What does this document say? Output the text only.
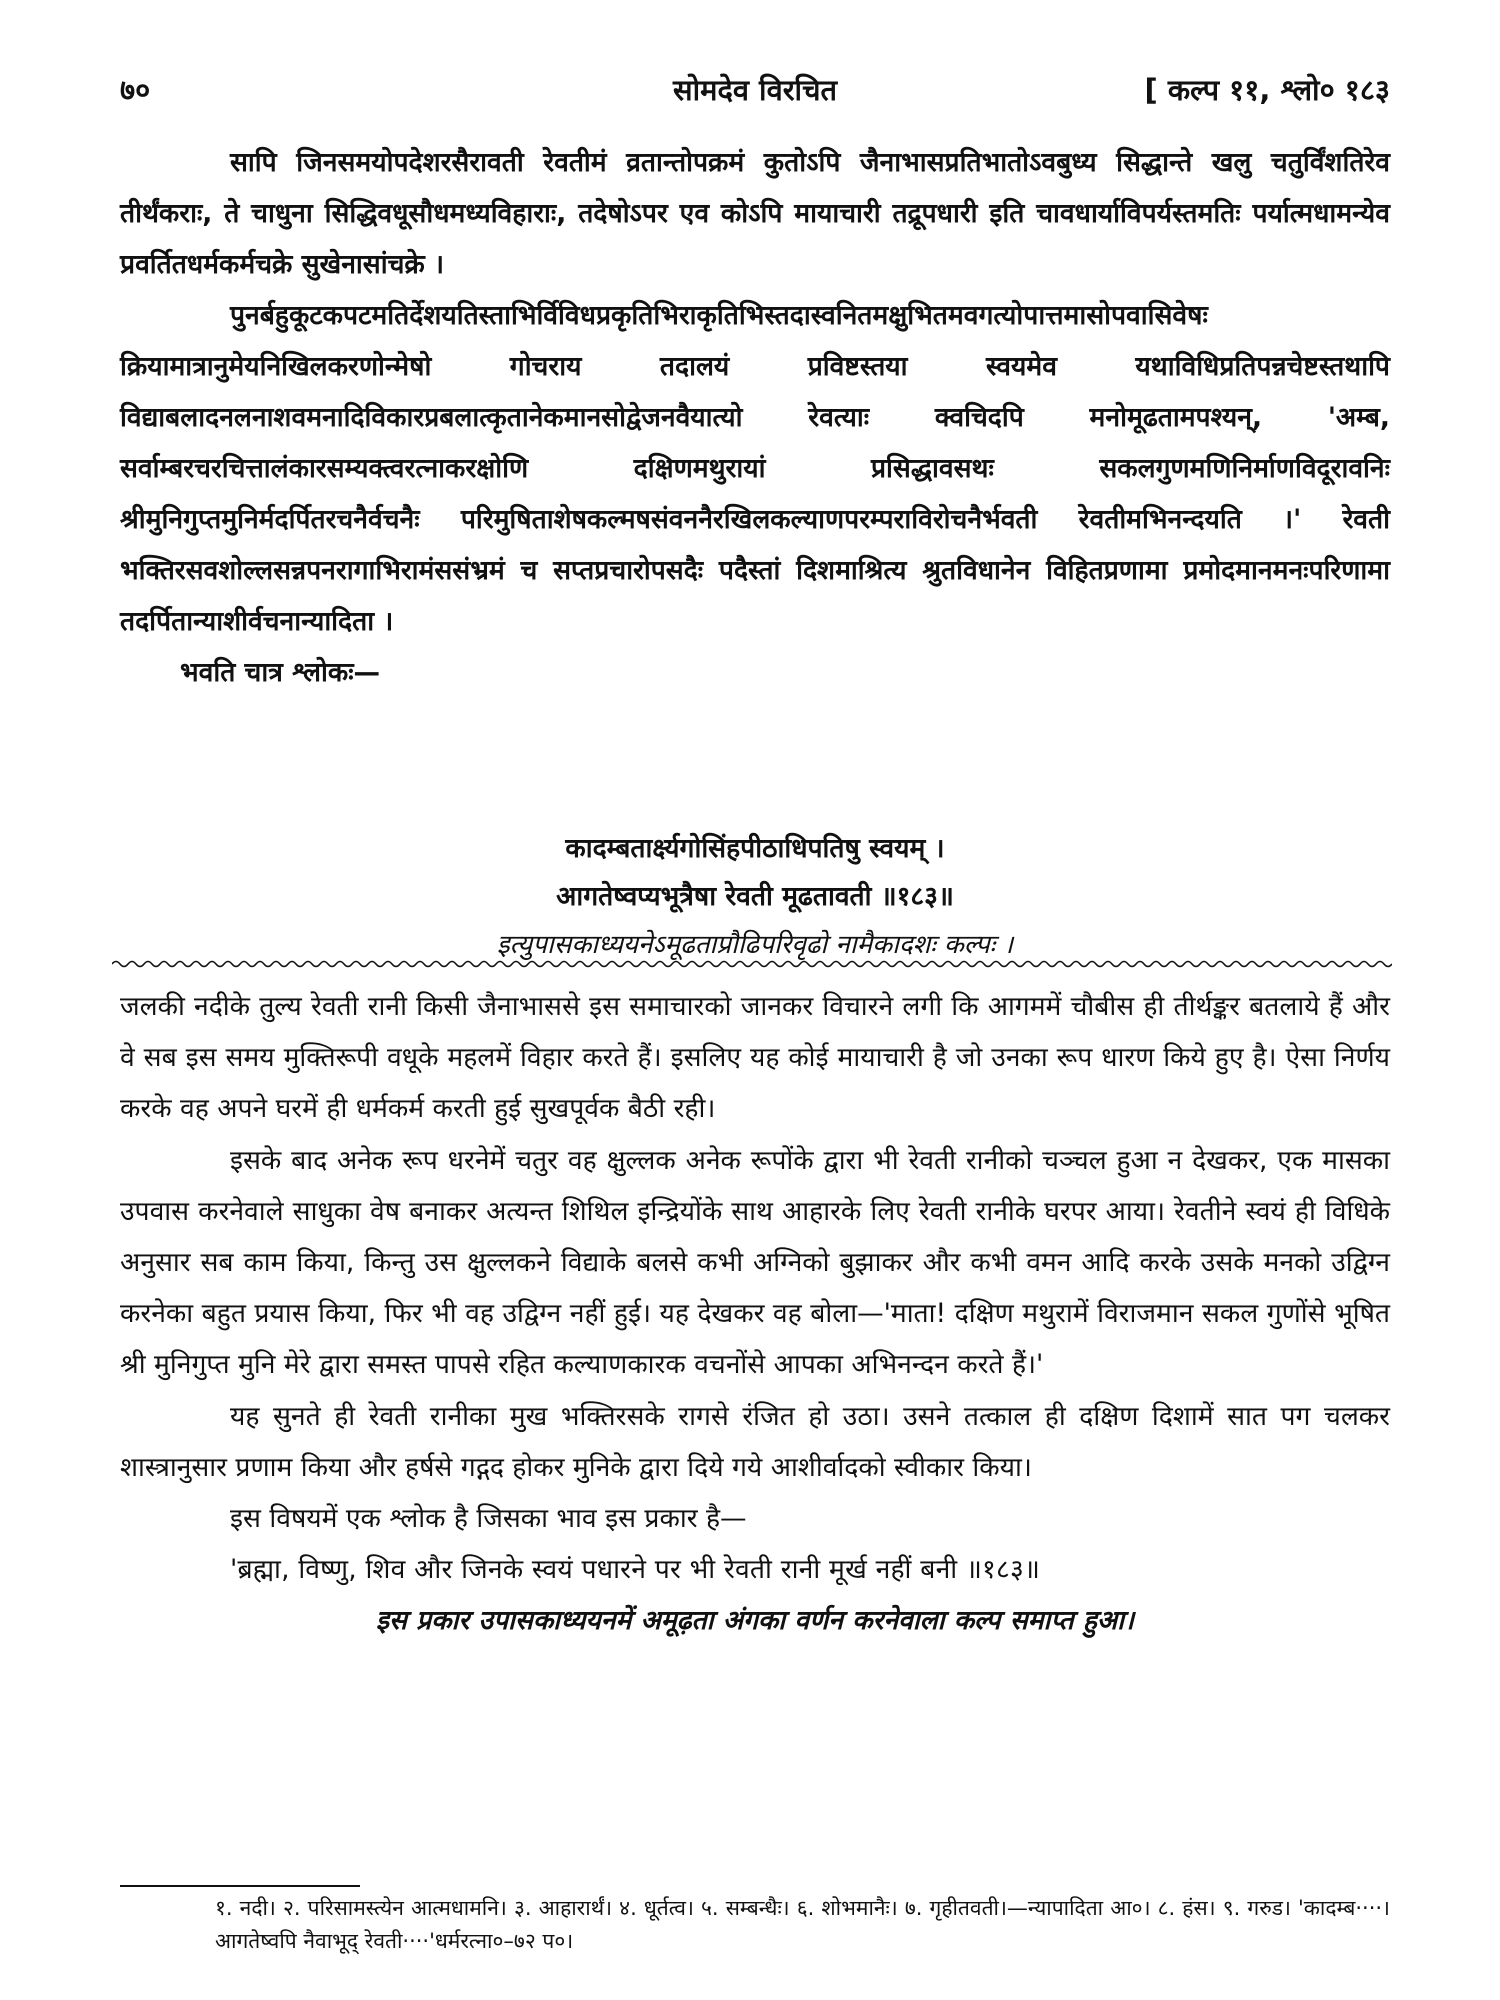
७०	सोमदेव विरचित	[ कल्प ११, श्लो० १८३

सापि जिनसमयोपदेशरसैरावती रेवतीमं व्रतान्तोपक्रमं कुतोऽपि जैनाभासप्रतिभातोऽवबुध्य सिद्धान्ते खलु चतुर्विंशतिरेव तीर्थंकराः, ते चाधुना सिद्धिवधूसौधमध्यविहाराः, तदेषोऽपर एव कोऽपि मायाचारी तद्रूपधारी इति चावधार्याविपर्यस्तमतिः पर्यात्मधामन्येव प्रवर्तितधर्मकर्मचक्रे सुखेनासांचक्रे ।

पुनर्बहुकूटकपटमतिर्देशयतिस्ताभिर्विविधप्रकृतिभिराकृतिभिस्तदास्वनितमक्षुभितमवगत्योपात्तमासोपवासिवेषः क्रियामात्रानुमेयनिखिलकरणोन्मेषो गोचराय तदालयं प्रविष्टस्तया स्वयमेव यथाविधिप्रतिपन्नचेष्टस्तथापि विद्याबलादनलनाशवमनादिविकारप्रबलात्कृतानेकमानसोद्वेजनवैयात्यो रेवत्याः क्वचिदपि मनोमूढतामपश्यन्, 'अम्ब, सर्वाम्बरचरचित्तालंकारसम्यक्त्वरत्नाकरक्षोणि दक्षिणमथुरायां प्रसिद्धावसथः सकलगुणमणिनिर्माणविदूरावनिः श्रीमुनिगुप्तमुनिर्मदर्पितरचनैर्वचनैः परिमुषिताशेषकल्मषसंवननैरखिलकल्याणपरम्पराविरोचनैर्भवती रेवतीमभिनन्दयति ।' रेवती भक्तिरसवशोल्लसन्नपनरागाभिरामंससंभ्रमं च सप्तप्रचारोपसदैः पदैस्तां दिशमाश्रित्य श्रुतविधानेन विहितप्रणामा प्रमोदमानमनःपरिणामा तदर्पितान्याशीर्वचनान्यादिता ।

भवति चात्र श्लोकः—

कादम्बतार्क्ष्यगोसिंहपीठाधिपतिषु स्वयम् ।
आगतेष्वप्यभूत्रैषा रेवती मूढतावती ॥१८३॥
इत्युपासकाध्ययनेऽमूढताप्रौढिपरिवृढो नामैकादशः कल्पः ।

जलकी नदीके तुल्य रेवती रानी किसी जैनाभाससे इस समाचारको जानकर विचारने लगी कि आगममें चौबीस ही तीर्थङ्कर बतलाये हैं और वे सब इस समय मुक्तिरूपी वधूके महलमें विहार करते हैं। इसलिए यह कोई मायाचारी है जो उनका रूप धारण किये हुए है। ऐसा निर्णय करके वह अपने घरमें ही धर्मकर्म करती हुई सुखपूर्वक बैठी रही।

इसके बाद अनेक रूप धरनेमें चतुर वह क्षुल्लक अनेक रूपोंके द्वारा भी रेवती रानीको चञ्चल हुआ न देखकर, एक मासका उपवास करनेवाले साधुका वेष बनाकर अत्यन्त शिथिल इन्द्रियोंके साथ आहारके लिए रेवती रानीके घरपर आया। रेवतीने स्वयं ही विधिके अनुसार सब काम किया, किन्तु उस क्षुल्लकने विद्याके बलसे कभी अग्निको बुझाकर और कभी वमन आदि करके उसके मनको उद्विग्न करनेका बहुत प्रयास किया, फिर भी वह उद्विग्न नहीं हुई। यह देखकर वह बोला—'माता! दक्षिण मथुरामें विराजमान सकल गुणोंसे भूषित श्री मुनिगुप्त मुनि मेरे द्वारा समस्त पापसे रहित कल्याणकारक वचनोंसे आपका अभिनन्दन करते हैं।'

यह सुनते ही रेवती रानीका मुख भक्तिरसके रागसे रंजित हो उठा। उसने तत्काल ही दक्षिण दिशामें सात पग चलकर शास्त्रानुसार प्रणाम किया और हर्षसे गद्गद होकर मुनिके द्वारा दिये गये आशीर्वादको स्वीकार किया।

इस विषयमें एक श्लोक है जिसका भाव इस प्रकार है—

'ब्रह्मा, विष्णु, शिव और जिनके स्वयं पधारने पर भी रेवती रानी मूर्ख नहीं बनी ॥१८३॥

इस प्रकार उपासकाध्ययनमें अमूढ़ता अंगका वर्णन करनेवाला कल्प समाप्त हुआ।

१. नदी। २. परिसामस्त्येन आत्मधामनि। ३. आहारार्थं। ४. धूर्तत्व। ५. सम्बन्धैः। ६. शोभमानैः। ७. गृहीतवती।—न्यापादिता आ०। ८. हंस। ९. गरुड। 'कादम्ब····। आगतेष्वपि नैवाभूद् रेवती····'धर्मरत्ना०–७२ प०।
